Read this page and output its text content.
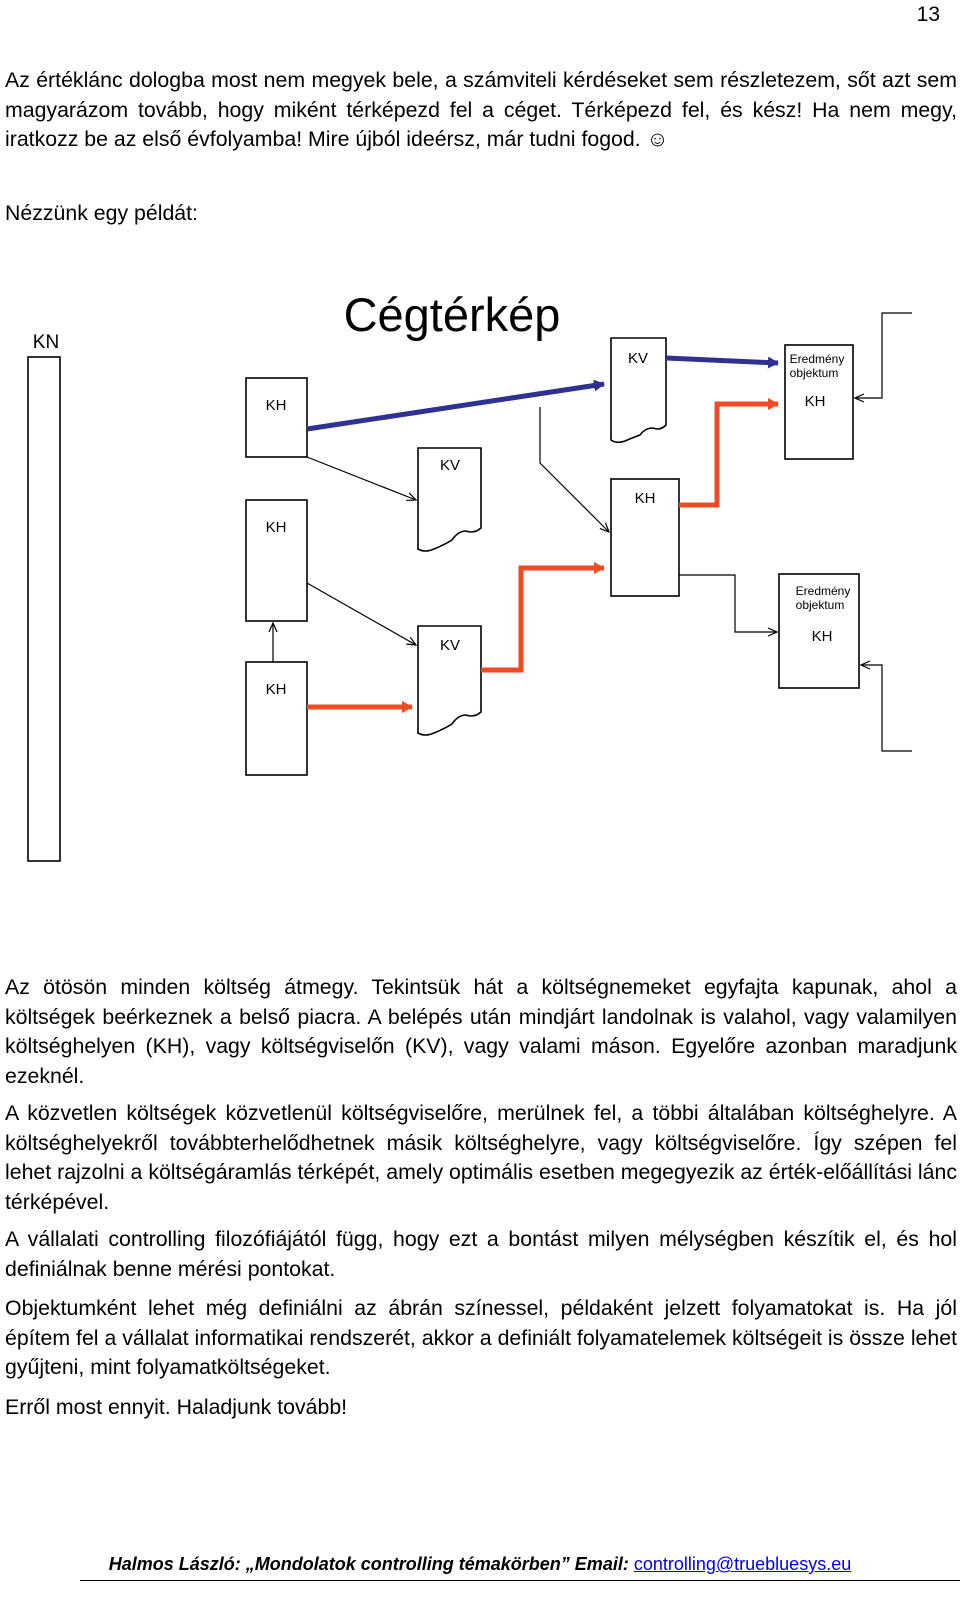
13

Az értéklánc dologba most nem megyek bele, a számviteli kérdéseket sem részletezem, sőt azt sem magyarázom tovább, hogy miként térképezd fel a céget. Térképezd fel, és kész! Ha nem megy, iratkozz be az első évfolyamba! Mire újból ideérsz, már tudni fogod. ☺

Nézzünk egy példát:

Cégtérkép
KN
KH
KH
KH
KV
KV
KV
KH
Eredmény
objektum
KH
Eredmény
objektum
KH

Az ötösön minden költség átmegy. Tekintsük hát a költségnemeket egyfajta kapunak, ahol a költségek beérkeznek a belső piacra. A belépés után mindjárt landolnak is valahol, vagy valamilyen költséghelyen (KH), vagy költségviselőn (KV), vagy valami máson. Egyelőre azonban maradjunk ezeknél.

A közvetlen költségek közvetlenül költségviselőre, merülnek fel, a többi általában költséghelyre. A költséghelyekről továbbterhelődhetnek másik költséghelyre, vagy költségviselőre. Így szépen fel lehet rajzolni a költségáramlás térképét, amely optimális esetben megegyezik az érték-előállítási lánc térképével.

A vállalati controlling filozófiájától függ, hogy ezt a bontást milyen mélységben készítik el, és hol definiálnak benne mérési pontokat.

Objektumként lehet még definiálni az ábrán színessel, példaként jelzett folyamatokat is. Ha jól építem fel a vállalat informatikai rendszerét, akkor a definiált folyamatelemek költségeit is össze lehet gyűjteni, mint folyamatköltségeket.

Erről most ennyit. Haladjunk tovább!

Halmos László: „Mondolatok controlling témakörben” Email: controlling@truebluesys.eu
